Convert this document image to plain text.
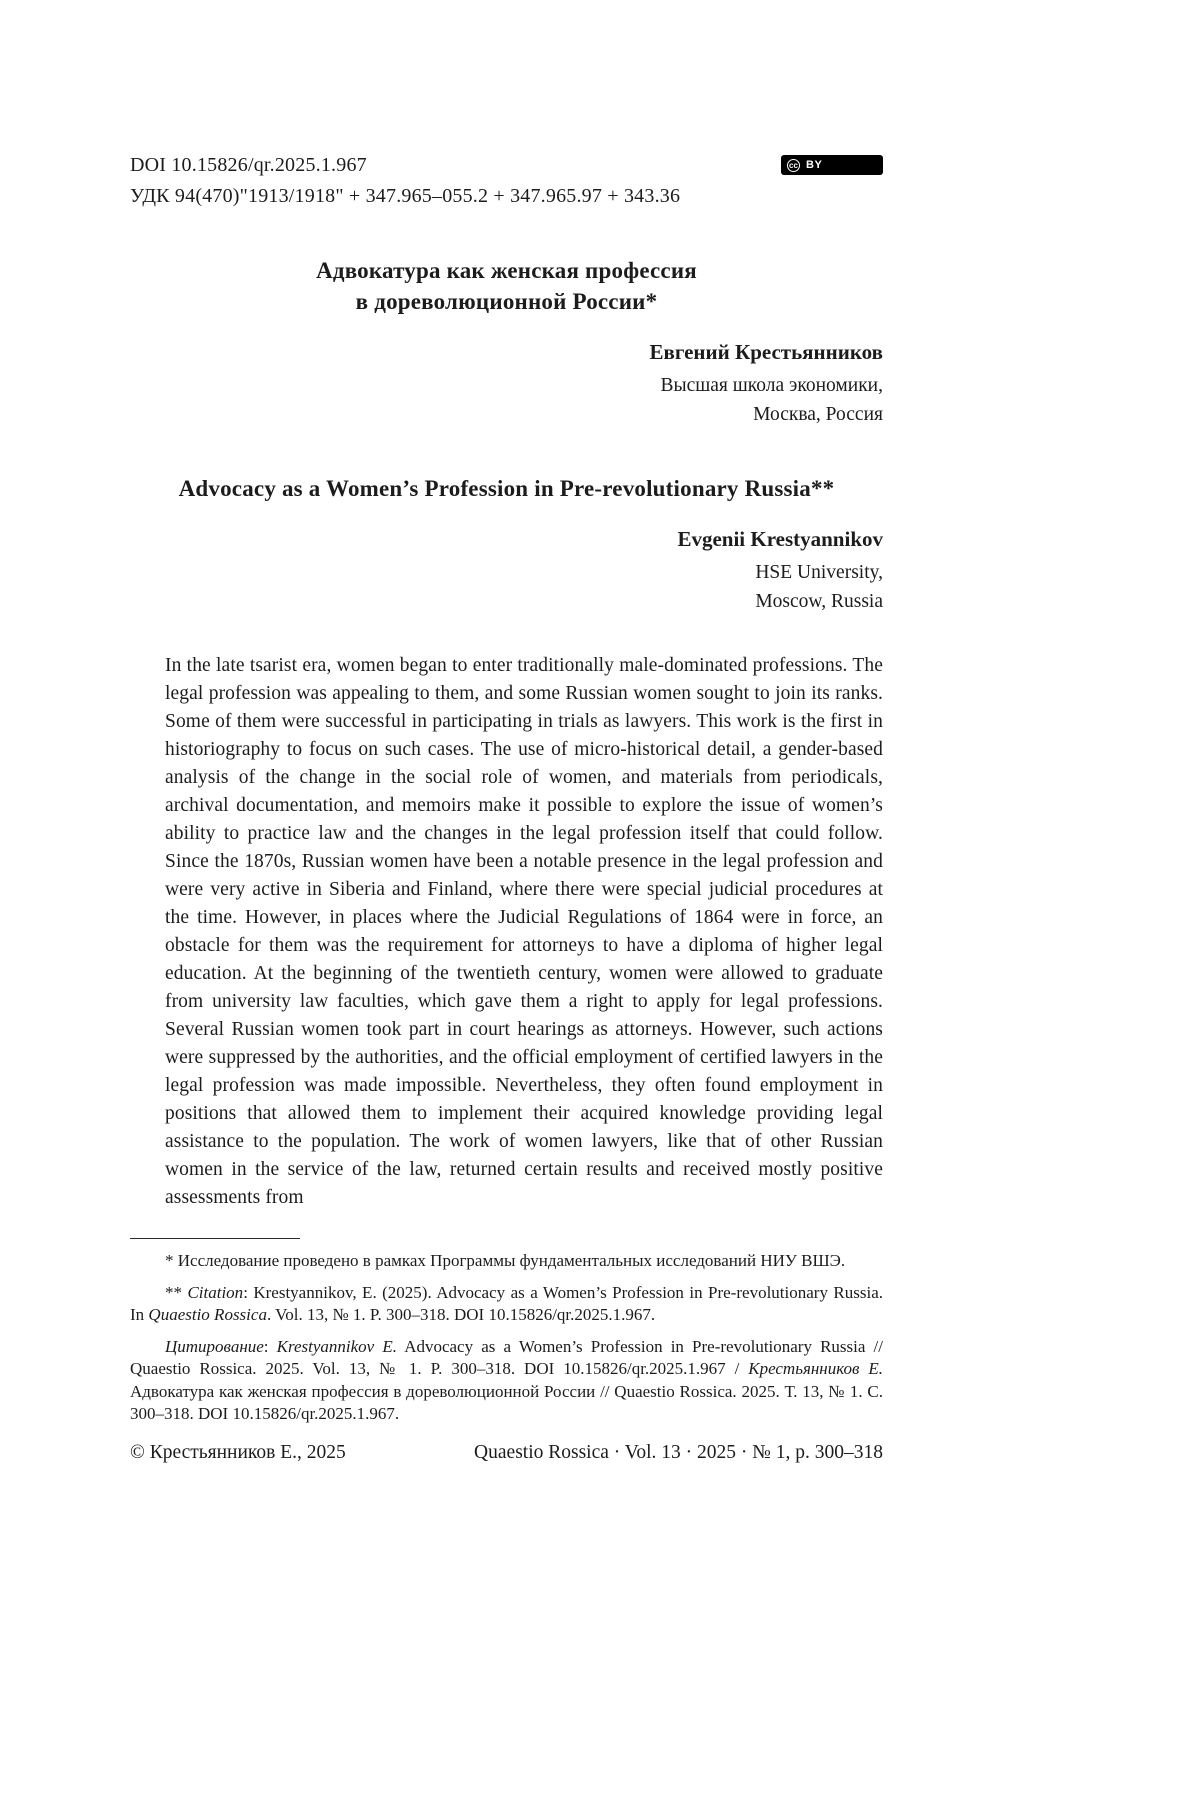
DOI 10.15826/qr.2025.1.967
УДК 94(470)"1913/1918" + 347.965–055.2 + 347.965.97 + 343.36
cc BY
Адвокатура как женская профессия
в дореволюционной России*
Евгений Крестьянников
Высшая школа экономики,
Москва, Россия
Advocacy as a Women’s Profession in Pre-revolutionary Russia**
Evgenii Krestyannikov
HSE University,
Moscow, Russia

In the late tsarist era, women began to enter traditionally male-dominated professions. The legal profession was appealing to them, and some Russian women sought to join its ranks. Some of them were successful in participating in trials as lawyers. This work is the first in historiography to focus on such cases. The use of micro-historical detail, a gender-based analysis of the change in the social role of women, and materials from periodicals, archival documentation, and memoirs make it possible to explore the issue of women’s ability to practice law and the changes in the legal profession itself that could follow. Since the 1870s, Russian women have been a notable presence in the legal profession and were very active in Siberia and Finland, where there were special judicial procedures at the time. However, in places where the Judicial Regulations of 1864 were in force, an obstacle for them was the requirement for attorneys to have a diploma of higher legal education. At the beginning of the twentieth century, women were allowed to graduate from university law faculties, which gave them a right to apply for legal professions. Several Russian women took part in court hearings as attorneys. However, such actions were suppressed by the authorities, and the official employment of certified lawyers in the legal profession was made impossible. Nevertheless, they often found employment in positions that allowed them to implement their acquired knowledge providing legal assistance to the population. The work of women lawyers, like that of other Russian women in the service of the law, returned certain results and received mostly positive assessments from

* Исследование проведено в рамках Программы фундаментальных исследований НИУ ВШЭ.

** Citation: Krestyannikov, E. (2025). Advocacy as a Women’s Profession in Pre-revolutionary Russia. In Quaestio Rossica. Vol. 13, № 1. P. 300–318. DOI 10.15826/qr.2025.1.967.

Цитирование: Krestyannikov E. Advocacy as a Women’s Profession in Pre-revolutionary Russia // Quaestio Rossica. 2025. Vol. 13, № 1. P. 300–318. DOI 10.15826/qr.2025.1.967 / Крестьянников Е. Адвокатура как женская профессия в дореволюционной России // Quaestio Rossica. 2025. Т. 13, № 1. С. 300–318. DOI 10.15826/qr.2025.1.967.

© Крестьянников Е., 2025	Quaestio Rossica · Vol. 13 · 2025 · № 1, p. 300–318
